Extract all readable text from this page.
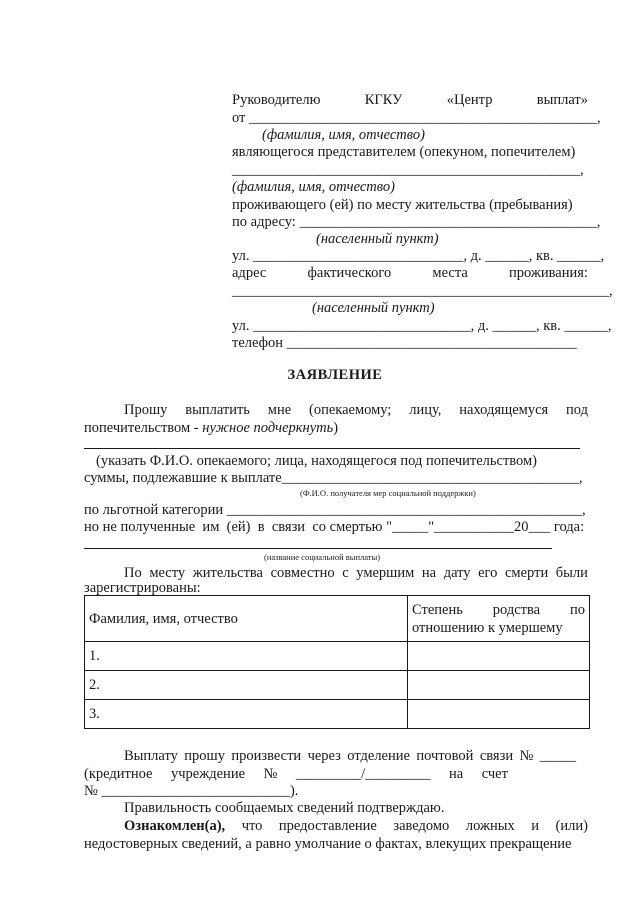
Руководителю	КГКУ	«Центр	выплат»
от ________________________________________________,
(фамилия, имя, отчество)
являющегося представителем (опекуном, попечителем)
________________________________________________,
(фамилия, имя, отчество)
проживающего (ей) по месту жительства (пребывания)
по адресу: _________________________________________,
(населенный пункт)
ул. _____________________________, д. ______, кв. ______,
адрес	фактического	места	проживания:
____________________________________________________,
(населенный пункт)
ул. ______________________________, д. ______, кв. ______,
телефон ________________________________________
ЗАЯВЛЕНИЕ
Прошу выплатить мне (опекаемому; лицу, находящемуся под
попечительством - нужное подчеркнуть)
(указать Ф.И.О. опекаемого; лица, находящегося под попечительством)
суммы, подлежавшие к выплате_________________________________________,
(Ф.И.О. получателя мер социальной поддержки)
по льготной категории _________________________________________________,
но не полученные  им  (ей)  в  связи  со смертью "_____"___________20___ года:
(название социальной выплаты)
По месту жительства совместно с умершим на дату его смерти были
зарегистрированы:
Фамилия, имя, отчество	Степень родства по
отношению к умершему

1.	
2.	
3.	
Выплату прошу произвести через отделение почтовой связи № _____
(кредитное учреждение № _________/_________ на счет
№ __________________________).
Правильность сообщаемых сведений подтверждаю.
Ознакомлен(а), что предоставление заведомо ложных и (или)
недостоверных сведений, а равно умолчание о фактах, влекущих прекращение
